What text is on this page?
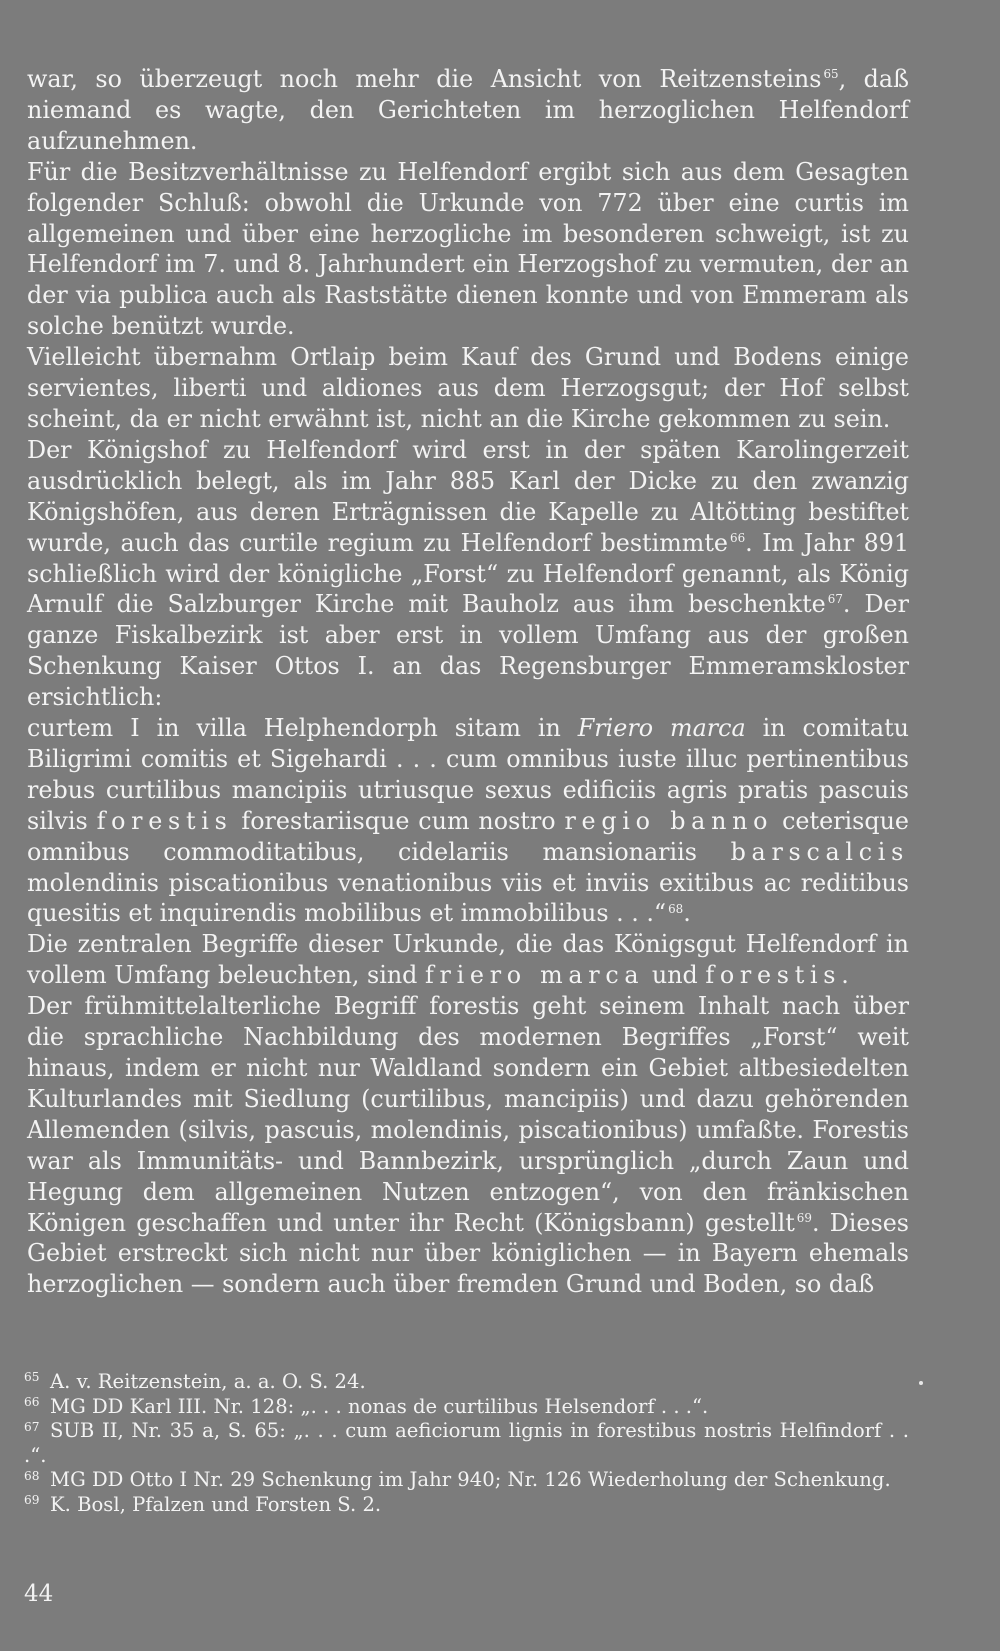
war, so überzeugt noch mehr die Ansicht von Reitzensteins $^{65}$, daß niemand es wagte, den Gerichteten im herzoglichen Helfendorf aufzunehmen.

Für die Besitzverhältnisse zu Helfendorf ergibt sich aus dem Gesagten folgender Schluß: obwohl die Urkunde von 772 über eine curtis im allgemeinen und über eine herzogliche im besonderen schweigt, ist zu Helfendorf im 7. und 8. Jahrhundert ein Herzogshof zu vermuten, der an der via publica auch als Raststätte dienen konnte und von Emmeram als solche benützt wurde.

Vielleicht übernahm Ortlaip beim Kauf des Grund und Bodens einige servientes, liberti und aldiones aus dem Herzogsgut; der Hof selbst scheint, da er nicht erwähnt ist, nicht an die Kirche gekommen zu sein.

Der Königshof zu Helfendorf wird erst in der späten Karolingerzeit ausdrücklich belegt, als im Jahr 885 Karl der Dicke zu den zwanzig Königshöfen, aus deren Erträgnissen die Kapelle zu Altötting bestiftet wurde, auch das curtile regium zu Helfendorf bestimmte $^{66}$. Im Jahr 891 schließlich wird der königliche „Forst“ zu Helfendorf genannt, als König Arnulf die Salzburger Kirche mit Bauholz aus ihm beschenkte $^{67}$. Der ganze Fiskalbezirk ist aber erst in vollem Umfang aus der großen Schenkung Kaiser Ottos I. an das Regensburger Emmeramskloster ersichtlich:

curtem I in villa Helphendorph sitam in Friero marca in comitatu Biligrimi comitis et Sigehardi . . . cum omnibus iuste illuc pertinentibus rebus curtilibus mancipiis utriusque sexus edificiis agris pratis pascuis silvis forestis forestariisque cum nostro regio banno ceterisque omnibus commoditatibus, cidelariis mansionariis barscalcis molendinis piscationibus venationibus viis et inviis exitibus ac reditibus quesitis et inquirendis mobilibus et immobilibus . . .“ $^{68}$.

Die zentralen Begriffe dieser Urkunde, die das Königsgut Helfendorf in vollem Umfang beleuchten, sind friero marca und forestis.

Der frühmittelalterliche Begriff forestis geht seinem Inhalt nach über die sprachliche Nachbildung des modernen Begriffes „Forst“ weit hinaus, indem er nicht nur Waldland sondern ein Gebiet altbesiedelten Kulturlandes mit Siedlung (curtilibus, mancipiis) und dazu gehörenden Allemenden (silvis, pascuis, molendinis, piscationibus) umfaßte. Forestis war als Immunitäts- und Bannbezirk, ursprünglich „durch Zaun und Hegung dem allgemeinen Nutzen entzogen“, von den fränkischen Königen geschaffen und unter ihr Recht (Königsbann) gestellt $^{69}$. Dieses Gebiet erstreckt sich nicht nur über königlichen — in Bayern ehemals herzoglichen — sondern auch über fremden Grund und Boden, so daß

65 A. v. Reitzenstein, a. a. O. S. 24.

66 MG DD Karl III. Nr. 128: „. . . nonas de curtilibus Helsendorf . . .“.

67 SUB II, Nr. 35 a, S. 65: „. . . cum aeficiorum lignis in forestibus nostris Helfindorf . . .“.

68 MG DD Otto I Nr. 29 Schenkung im Jahr 940; Nr. 126 Wiederholung der Schenkung.

69 K. Bosl, Pfalzen und Forsten S. 2.

44
